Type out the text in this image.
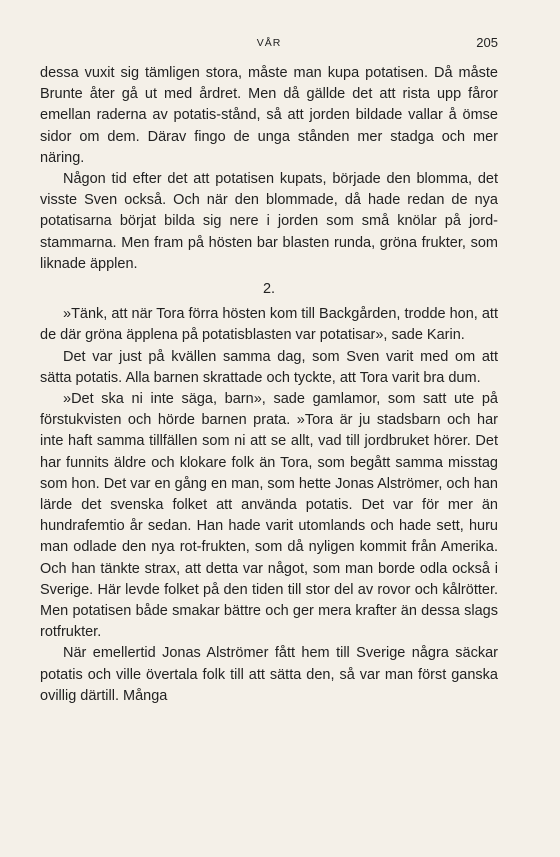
VÅR	205

dessa vuxit sig tämligen stora, måste man kupa potatisen. Då måste Brunte åter gå ut med årdret. Men då gällde det att rista upp fåror emellan raderna av potatis-stånd, så att jorden bildade vallar å ömse sidor om dem. Därav fingo de unga stånden mer stadga och mer näring.

Någon tid efter det att potatisen kupats, började den blomma, det visste Sven också. Och när den blommade, då hade redan de nya potatisarna börjat bilda sig nere i jorden som små knölar på jord-stammarna. Men fram på hösten bar blasten runda, gröna frukter, som liknade äpplen.

2.

»Tänk, att när Tora förra hösten kom till Backgården, trodde hon, att de där gröna äpplena på potatisblasten var potatisar», sade Karin.

Det var just på kvällen samma dag, som Sven varit med om att sätta potatis. Alla barnen skrattade och tyckte, att Tora varit bra dum.

»Det ska ni inte säga, barn», sade gamlamor, som satt ute på förstukvisten och hörde barnen prata. »Tora är ju stadsbarn och har inte haft samma tillfällen som ni att se allt, vad till jordbruket hörer. Det har funnits äldre och klokare folk än Tora, som begått samma misstag som hon. Det var en gång en man, som hette Jonas Alströmer, och han lärde det svenska folket att använda potatis. Det var för mer än hundrafemtio år sedan. Han hade varit utomlands och hade sett, huru man odlade den nya rot-frukten, som då nyligen kommit från Amerika. Och han tänkte strax, att detta var något, som man borde odla också i Sverige. Här levde folket på den tiden till stor del av rovor och kålrötter. Men potatisen både smakar bättre och ger mera krafter än dessa slags rotfrukter.

När emellertid Jonas Alströmer fått hem till Sverige några säckar potatis och ville övertala folk till att sätta den, så var man först ganska ovillig därtill. Många
